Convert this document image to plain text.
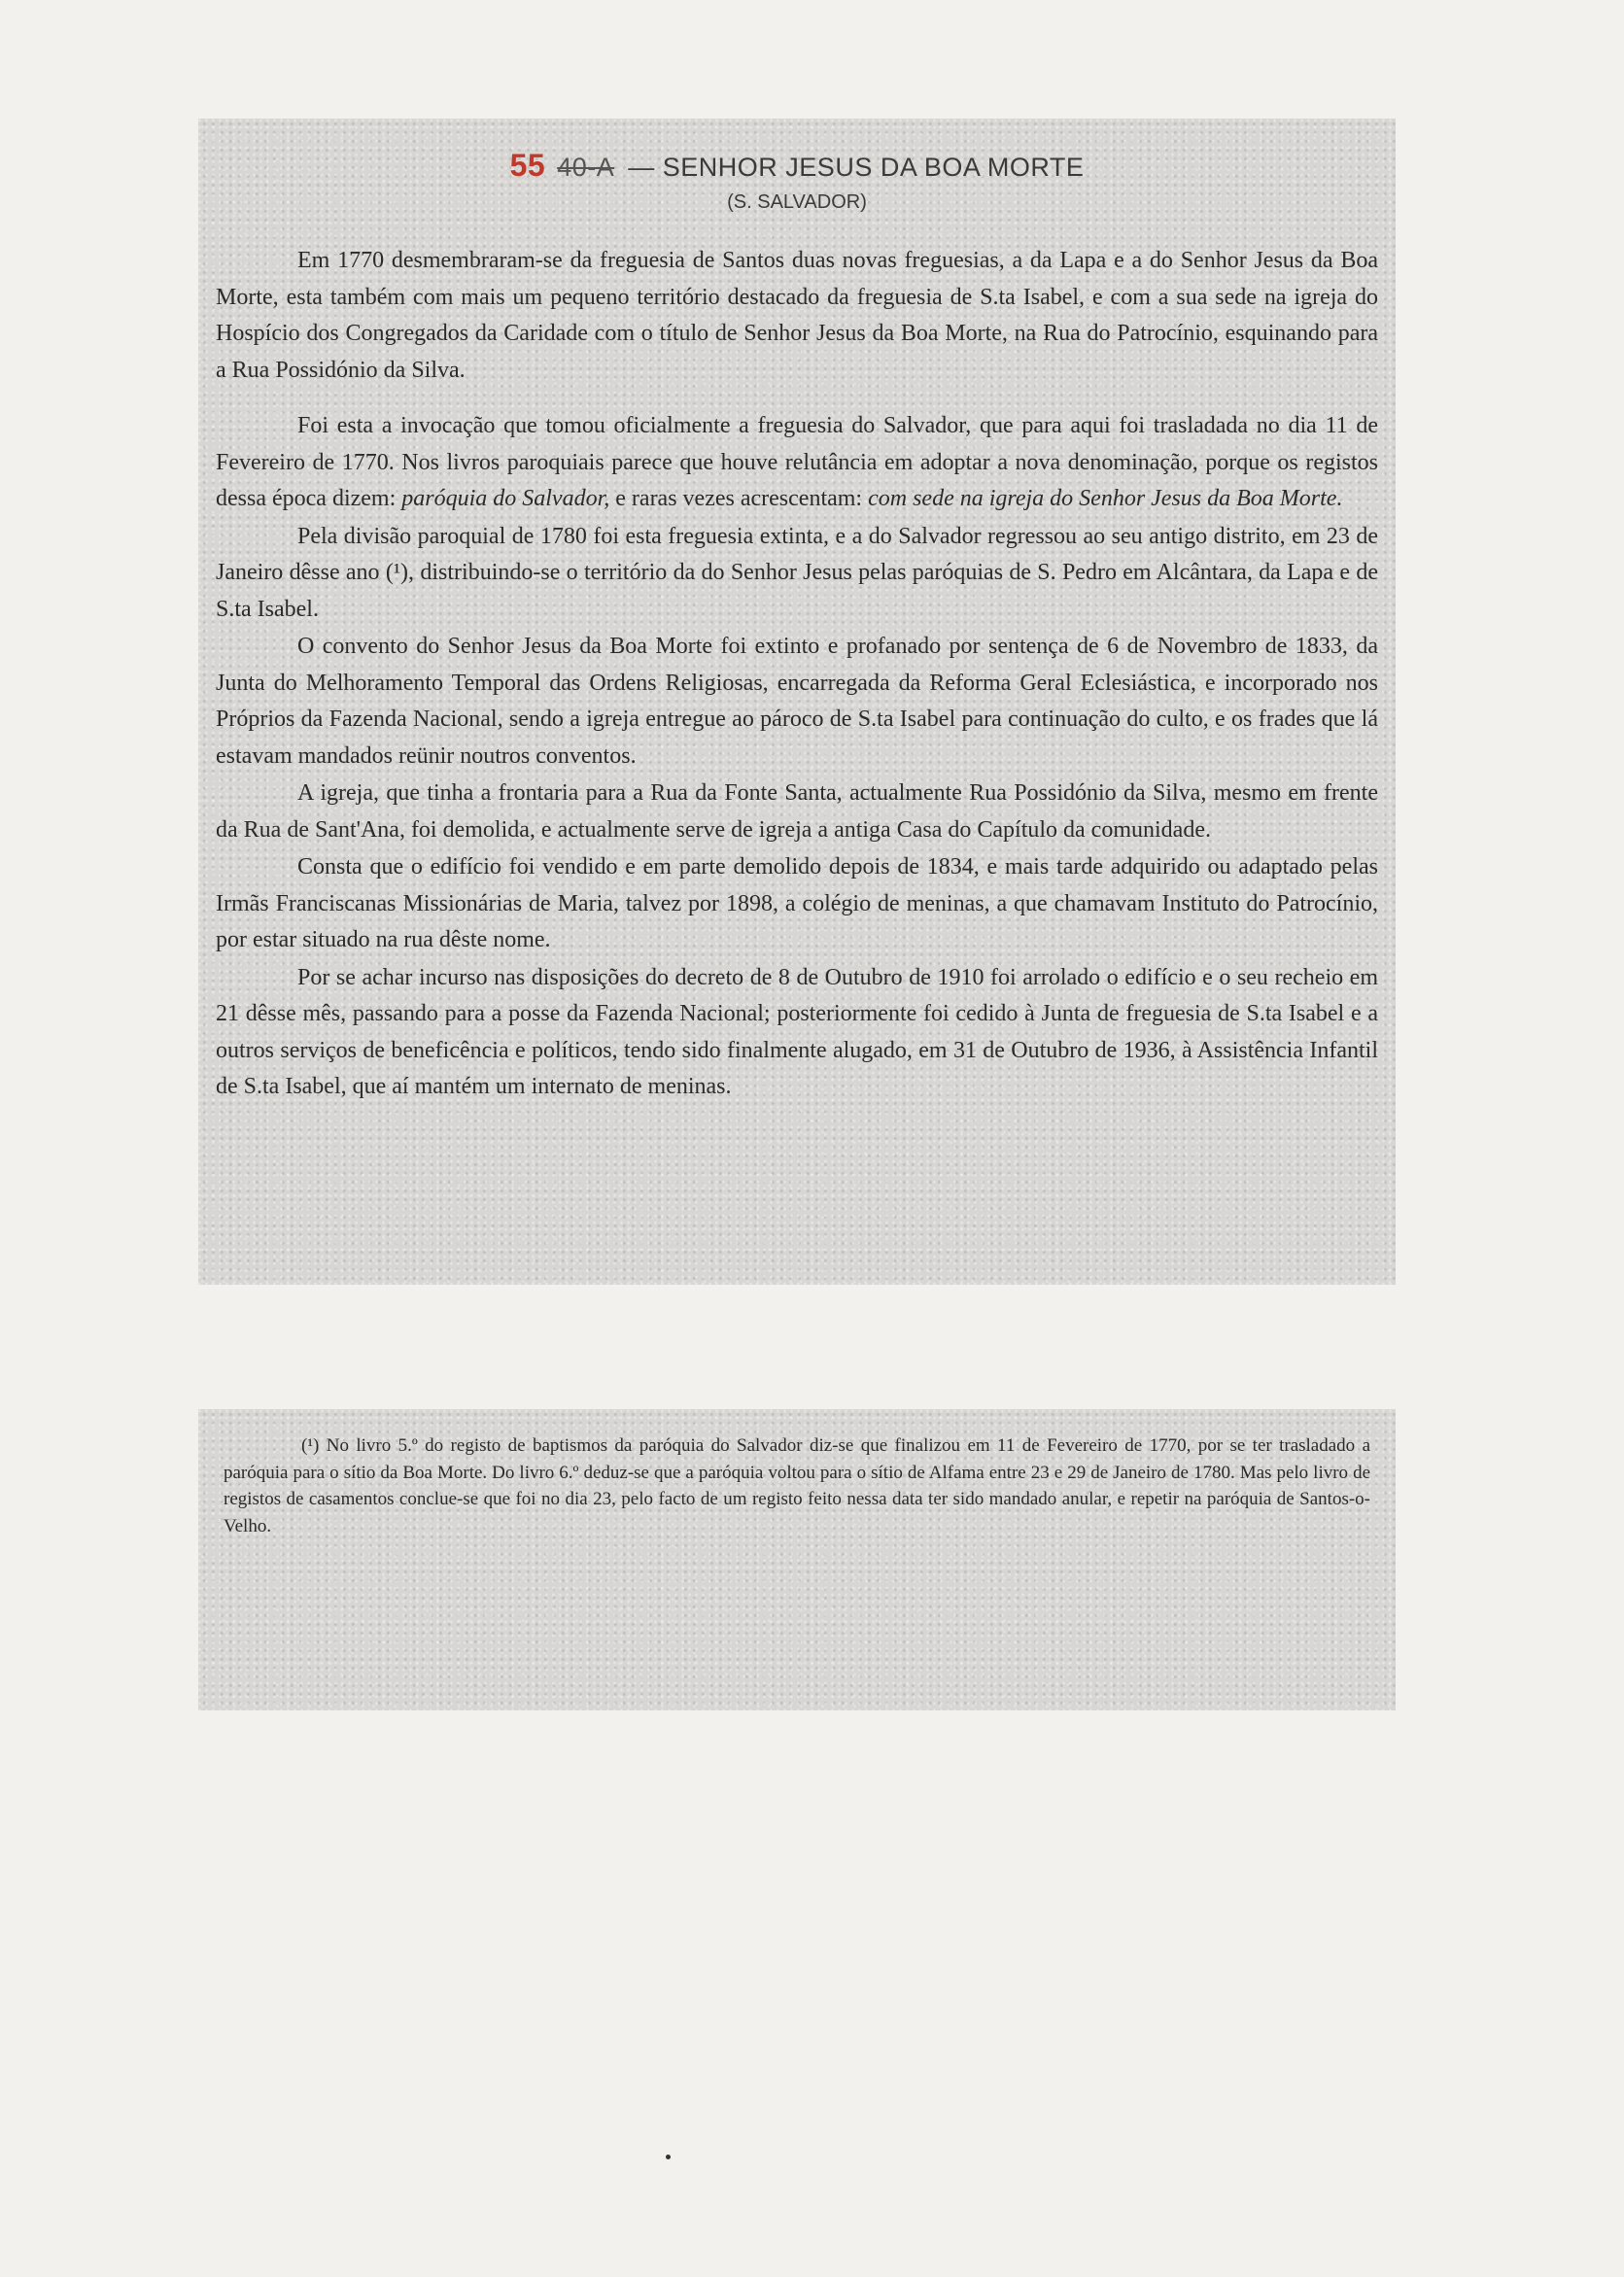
55 40-A — SENHOR JESUS DA BOA MORTE
(S. SALVADOR)

Em 1770 desmembraram-se da freguesia de Santos duas novas freguesias, a da Lapa e a do Senhor Jesus da Boa Morte, esta também com mais um pequeno território destacado da freguesia de S.ta Isabel, e com a sua sede na igreja do Hospício dos Congregados da Caridade com o título de Senhor Jesus da Boa Morte, na Rua do Patrocínio, esquinando para a Rua Possidónio da Silva.

Foi esta a invocação que tomou oficialmente a freguesia do Salvador, que para aqui foi trasladada no dia 11 de Fevereiro de 1770. Nos livros paroquiais parece que houve relutância em adoptar a nova denominação, porque os registos dessa época dizem: paróquia do Salvador, e raras vezes acrescentam: com sede na igreja do Senhor Jesus da Boa Morte.

Pela divisão paroquial de 1780 foi esta freguesia extinta, e a do Salvador regressou ao seu antigo distrito, em 23 de Janeiro dêsse ano (¹), distribuindo-se o território da do Senhor Jesus pelas paróquias de S. Pedro em Alcântara, da Lapa e de S.ta Isabel.

O convento do Senhor Jesus da Boa Morte foi extinto e profanado por sentença de 6 de Novembro de 1833, da Junta do Melhoramento Temporal das Ordens Religiosas, encarregada da Reforma Geral Eclesiástica, e incorporado nos Próprios da Fazenda Nacional, sendo a igreja entregue ao pároco de S.ta Isabel para continuação do culto, e os frades que lá estavam mandados reünir noutros conventos.

A igreja, que tinha a frontaria para a Rua da Fonte Santa, actualmente Rua Possidónio da Silva, mesmo em frente da Rua de Sant'Ana, foi demolida, e actualmente serve de igreja a antiga Casa do Capítulo da comunidade.

Consta que o edifício foi vendido e em parte demolido depois de 1834, e mais tarde adquirido ou adaptado pelas Irmãs Franciscanas Missionárias de Maria, talvez por 1898, a colégio de meninas, a que chamavam Instituto do Patrocínio, por estar situado na rua dêste nome.

Por se achar incurso nas disposições do decreto de 8 de Outubro de 1910 foi arrolado o edifício e o seu recheio em 21 dêsse mês, passando para a posse da Fazenda Nacional; posteriormente foi cedido à Junta de freguesia de S.ta Isabel e a outros serviços de beneficência e políticos, tendo sido finalmente alugado, em 31 de Outubro de 1936, à Assistência Infantil de S.ta Isabel, que aí mantém um internato de meninas.

(¹) No livro 5.º do registo de baptismos da paróquia do Salvador diz-se que finalizou em 11 de Fevereiro de 1770, por se ter trasladado a paróquia para o sítio da Boa Morte. Do livro 6.º deduz-se que a paróquia voltou para o sítio de Alfama entre 23 e 29 de Janeiro de 1780. Mas pelo livro de registos de casamentos conclue-se que foi no dia 23, pelo facto de um registo feito nessa data ter sido mandado anular, e repetir na paróquia de Santos-o-Velho.
